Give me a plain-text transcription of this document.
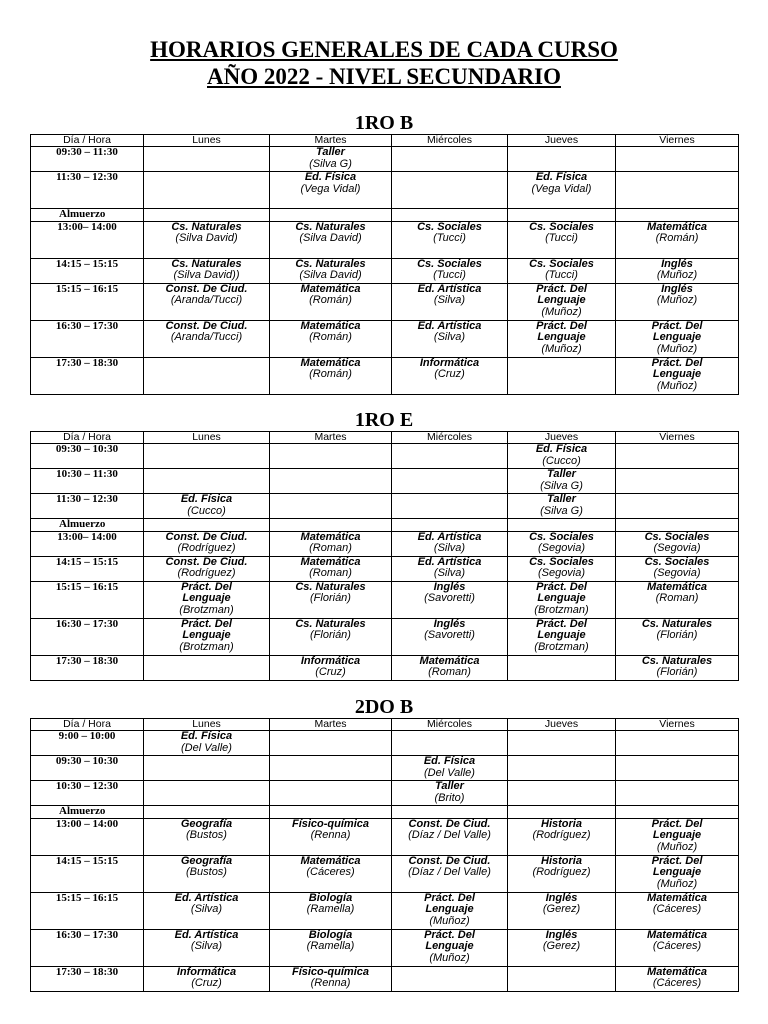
HORARIOS GENERALES DE CADA CURSO
AÑO 2022 - NIVEL SECUNDARIO
1RO B
Día / Hora	Lunes	Martes	Miércoles	Jueves	Viernes
09:30 – 11:30		Taller
(Silva G)			

11:30 – 12:30		Ed. Física
(Vega Vidal)		Ed. Física
(Vega Vidal)	

Almuerzo					
13:00– 14:00	Cs. Naturales
(Silva David)	Cs. Naturales
(Silva David)	Cs. Sociales
(Tucci)	Cs. Sociales
(Tucci)	Matemática
(Román)

14:15 – 15:15	Cs. Naturales
(Silva David))	Cs. Naturales
(Silva David)	Cs. Sociales
(Tucci)	Cs. Sociales
(Tucci)	Inglés
(Muñoz)

15:15 – 16:15	Const. De Ciud.
(Aranda/Tucci)	Matemática
(Román)	Ed. Artística
(Silva)	Práct. Del
Lenguaje
(Muñoz)	Inglés
(Muñoz)

16:30 – 17:30	Const. De Ciud.
(Aranda/Tucci)	Matemática
(Román)	Ed. Artística
(Silva)	Práct. Del
Lenguaje
(Muñoz)	Práct. Del
Lenguaje
(Muñoz)

17:30 – 18:30		Matemática
(Román)	Informática
(Cruz)		Práct. Del
Lenguaje
(Muñoz)
1RO E
Día / Hora	Lunes	Martes	Miércoles	Jueves	Viernes
09:30 – 10:30				Ed. Física
(Cucco)	

10:30 – 11:30				Taller
(Silva G)	

11:30 – 12:30	Ed. Física
(Cucco)			Taller
(Silva G)	

Almuerzo					
13:00– 14:00	Const. De Ciud.
(Rodríguez)	Matemática
(Roman)	Ed. Artística
(Silva)	Cs. Sociales
(Segovia)	Cs. Sociales
(Segovia)

14:15 – 15:15	Const. De Ciud.
(Rodríguez)	Matemática
(Roman)	Ed. Artística
(Silva)	Cs. Sociales
(Segovia)	Cs. Sociales
(Segovia)

15:15 – 16:15	Práct. Del
Lenguaje
(Brotzman)	Cs. Naturales
(Florián)	Inglés
(Savoretti)	Práct. Del
Lenguaje
(Brotzman)	Matemática
(Roman)

16:30 – 17:30	Práct. Del
Lenguaje
(Brotzman)	Cs. Naturales
(Florián)	Inglés
(Savoretti)	Práct. Del
Lenguaje
(Brotzman)	Cs. Naturales
(Florián)

17:30 – 18:30		Informática
(Cruz)	Matemática
(Roman)		Cs. Naturales
(Florián)
2DO B
Día / Hora	Lunes	Martes	Miércoles	Jueves	Viernes
9:00 – 10:00	Ed. Física
(Del Valle)				

09:30 – 10:30			Ed. Física
(Del Valle)		

10:30 – 12:30			Taller
(Brito)		

Almuerzo					
13:00 – 14:00	Geografía
(Bustos)	Físico-química
(Renna)	Const. De Ciud.
(Díaz / Del Valle)	Historia
(Rodríguez)	Práct. Del
Lenguaje
(Muñoz)

14:15 – 15:15	Geografía
(Bustos)	Matemática
(Cáceres)	Const. De Ciud.
(Díaz / Del Valle)	Historia
(Rodríguez)	Práct. Del
Lenguaje
(Muñoz)

15:15 – 16:15	Ed. Artística
(Silva)	Biología
(Ramella)	Práct. Del
Lenguaje
(Muñoz)	Inglés
(Gerez)	Matemática
(Cáceres)

16:30 – 17:30	Ed. Artística
(Silva)	Biología
(Ramella)	Práct. Del
Lenguaje
(Muñoz)	Inglés
(Gerez)	Matemática
(Cáceres)

17:30 – 18:30	Informática
(Cruz)	Físico-química
(Renna)			Matemática
(Cáceres)
